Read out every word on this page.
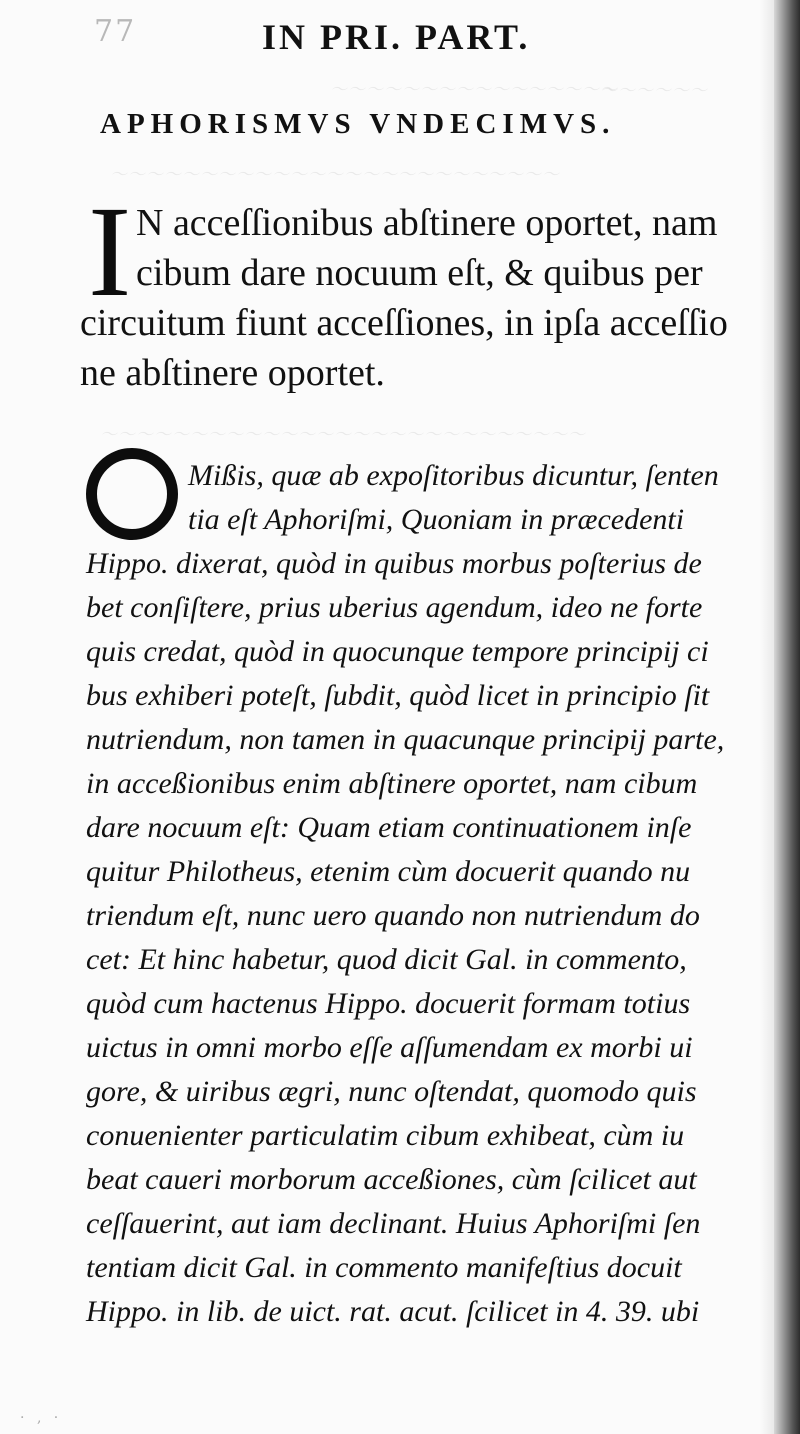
～～～～～～
～～～～～～～～～～～～～～～～
～～～～～～～～～～～～～～～～～～～～～～～～～
～～～～～～～～～～～～～～～～～～～～～～～～～～～
77	IN PRI. PART.
APHORISMVS VNDECIMVS.
I N acceſſionibus abſtinere oportet, nam
cibum dare nocuum eſt, & quibus per
circuitum fiunt acceſſiones, in ipſa acceſſio
ne abſtinere oportet.
Mißis, quæ ab expoſitoribus dicuntur, ſenten
tia eſt Aphoriſmi, Quoniam in præcedenti
Hippo. dixerat, quòd in quibus morbus poſterius de
bet conſiſtere, prius uberius agendum, ideo ne forte
quis credat, quòd in quocunque tempore principij ci
bus exhiberi poteſt, ſubdit, quòd licet in principio ſit
nutriendum, non tamen in quacunque principij parte,
in acceßionibus enim abſtinere oportet, nam cibum
dare nocuum eſt: Quam etiam continuationem inſe
quitur Philotheus, etenim cùm docuerit quando nu
triendum eſt, nunc uero quando non nutriendum do
cet: Et hinc habetur, quod dicit Gal. in commento,
quòd cum hactenus Hippo. docuerit formam totius
uictus in omni morbo eſſe aſſumendam ex morbi ui
gore, & uiribus ægri, nunc oſtendat, quomodo quis
conuenienter particulatim cibum exhibeat, cùm iu
beat caueri morborum acceßiones, cùm ſcilicet aut
ceſſauerint, aut iam declinant. Huius Aphoriſmi ſen
tentiam dicit Gal. in commento manifeſtius docuit
Hippo. in lib. de uict. rat. acut. ſcilicet in 4. 39. ubi
· ‚ ·
